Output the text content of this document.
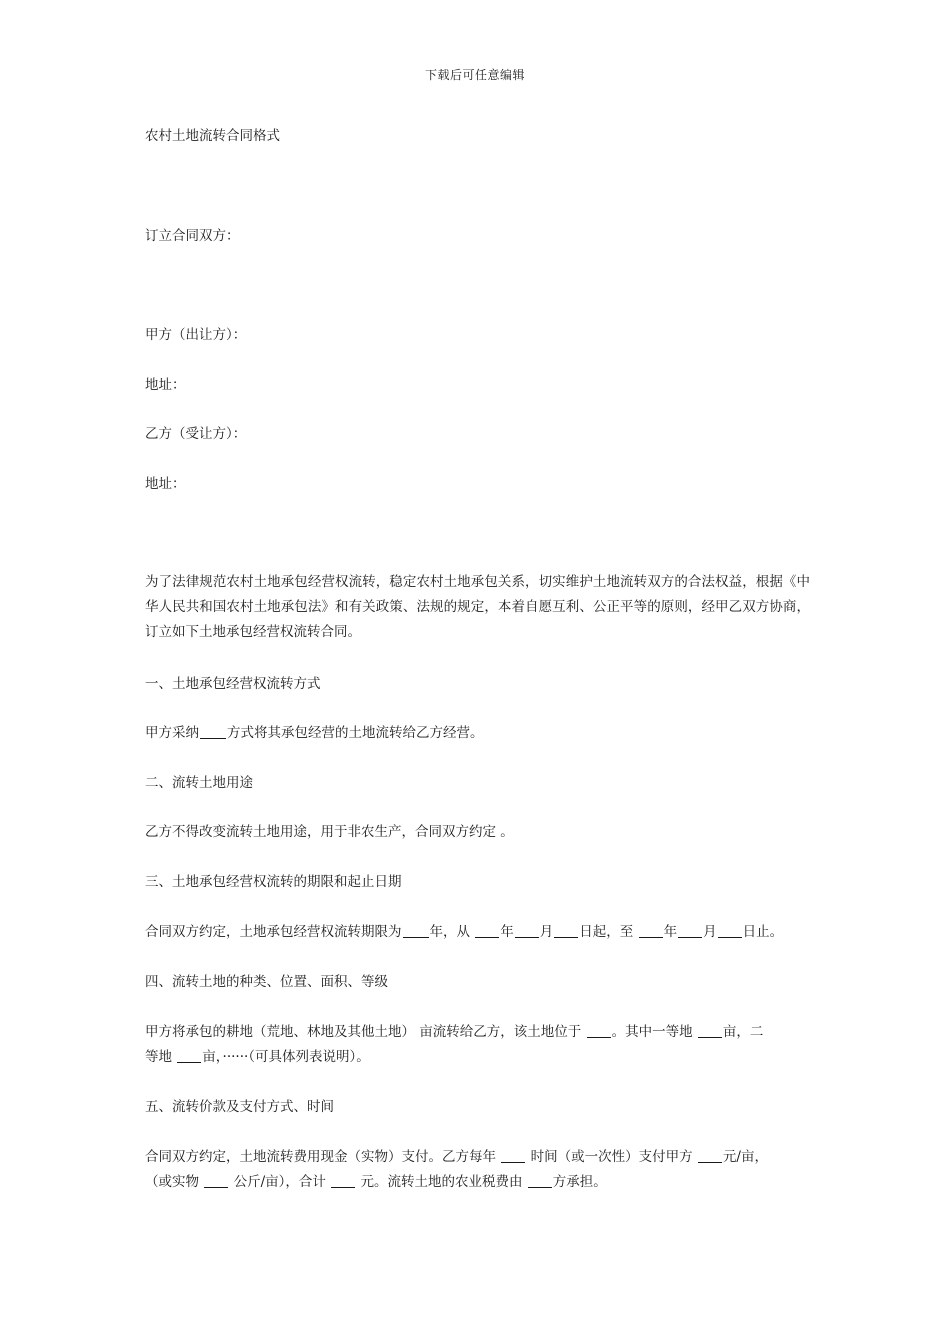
下载后可任意编辑
农村土地流转合同格式
订立合同双方：
甲方（出让方）：
地址：
乙方（受让方）：
地址：
为了法律规范农村土地承包经营权流转，稳定农村土地承包关系，切实维护土地流转双方的合法权益，根据《中华人民共和国农村土地承包法》和有关政策、法规的规定，本着自愿互利、公正平等的原则，经甲乙双方协商，订立如下土地承包经营权流转合同。
一、土地承包经营权流转方式
甲方采纳 方式将其承包经营的土地流转给乙方经营。
二、流转土地用途
乙方不得改变流转土地用途，用于非农生产，合同双方约定 。
三、土地承包经营权流转的期限和起止日期
合同双方约定，土地承包经营权流转期限为 年，从 年 月 日起，至 年 月 日止。
四、流转土地的种类、位置、面积、等级
甲方将承包的耕地（荒地、林地及其他土地） 亩流转给乙方，该土地位于 。其中一等地 亩，二
等地 亩，······（可具体列表说明）。
五、流转价款及支付方式、时间
合同双方约定，土地流转费用现金（实物）支付。乙方每年  时间（或一次性）支付甲方 元/亩，
（或实物  公斤/亩），合计  元。流转土地的农业税费由 方承担。
